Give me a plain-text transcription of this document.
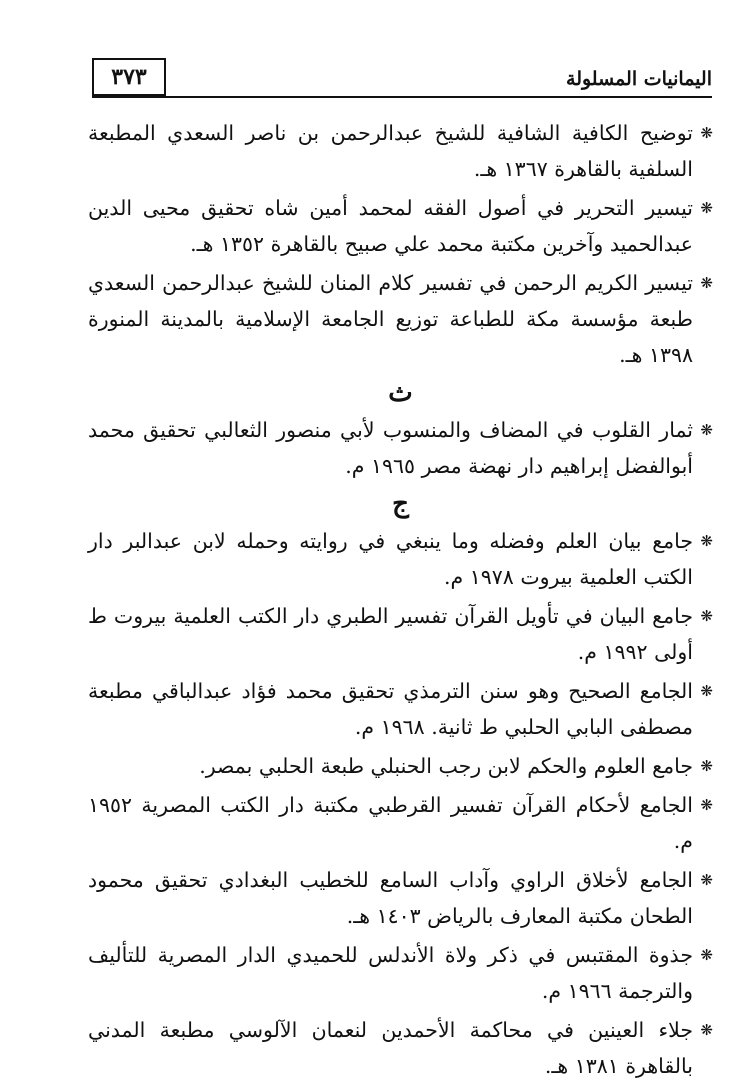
اليمانيات المسلولة
٣٧٣
❋
توضيح الكافية الشافية للشيخ عبدالرحمن بن ناصر السعدي المطبعة السلفية بالقاهرة ١٣٦٧ هـ.
❋
تيسير التحرير في أصول الفقه لمحمد أمين شاه تحقيق محيى الدين عبدالحميد وآخرين مكتبة محمد علي صبيح بالقاهرة ١٣٥٢ هـ.
❋
تيسير الكريم الرحمن في تفسير كلام المنان للشيخ عبدالرحمن السعدي طبعة مؤسسة مكة للطباعة توزيع الجامعة الإسلامية بالمدينة المنورة ١٣٩٨ هـ.
ث
❋
ثمار القلوب في المضاف والمنسوب لأبي منصور الثعالبي تحقيق محمد أبوالفضل إبراهيم دار نهضة مصر ١٩٦٥ م.
ج
❋
جامع بيان العلم وفضله وما ينبغي في روايته وحمله لابن عبدالبر دار الكتب العلمية بيروت ١٩٧٨ م.
❋
جامع البيان في تأويل القرآن تفسير الطبري دار الكتب العلمية بيروت ط أولى ١٩٩٢ م.
❋
الجامع الصحيح وهو سنن الترمذي تحقيق محمد فؤاد عبدالباقي مطبعة مصطفى البابي الحلبي ط ثانية. ١٩٦٨ م.
❋
جامع العلوم والحكم لابن رجب الحنبلي طبعة الحلبي بمصر.
❋
الجامع لأحكام القرآن تفسير القرطبي مكتبة دار الكتب المصرية ١٩٥٢ م.
❋
الجامع لأخلاق الراوي وآداب السامع للخطيب البغدادي تحقيق محمود الطحان مكتبة المعارف بالرياض ١٤٠٣ هـ.
❋
جذوة المقتبس في ذكر ولاة الأندلس للحميدي الدار المصرية للتأليف والترجمة ١٩٦٦ م.
❋
جلاء العينين في محاكمة الأحمدين لنعمان الآلوسي مطبعة المدني بالقاهرة ١٣٨١ هـ.
